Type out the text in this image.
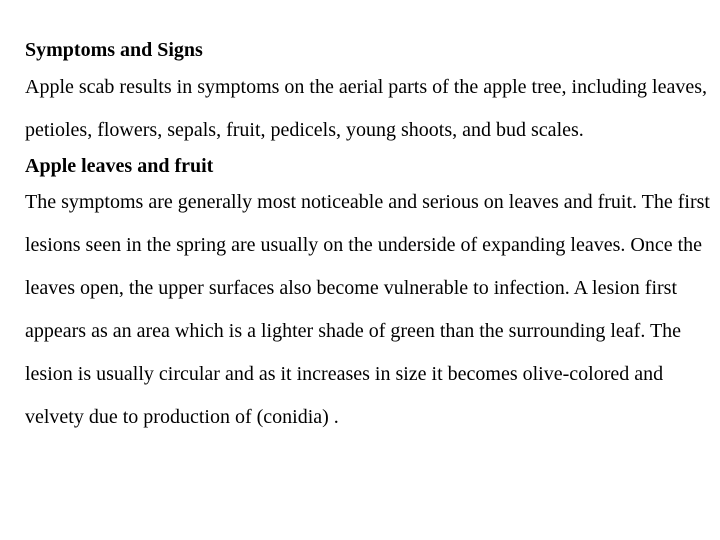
Symptoms and Signs

Apple scab results in symptoms on the aerial parts of the apple tree, including leaves, petioles, flowers, sepals, fruit, pedicels, young shoots, and bud scales.

Apple leaves and fruit

The symptoms are generally most noticeable and serious on leaves and fruit. The first lesions seen in the spring are usually on the underside of expanding leaves. Once the leaves open, the upper surfaces also become vulnerable to infection. A lesion first appears as an area which is a lighter shade of green than the surrounding leaf. The lesion is usually circular and as it increases in size it becomes olive-colored and velvety due to production of (conidia) .
